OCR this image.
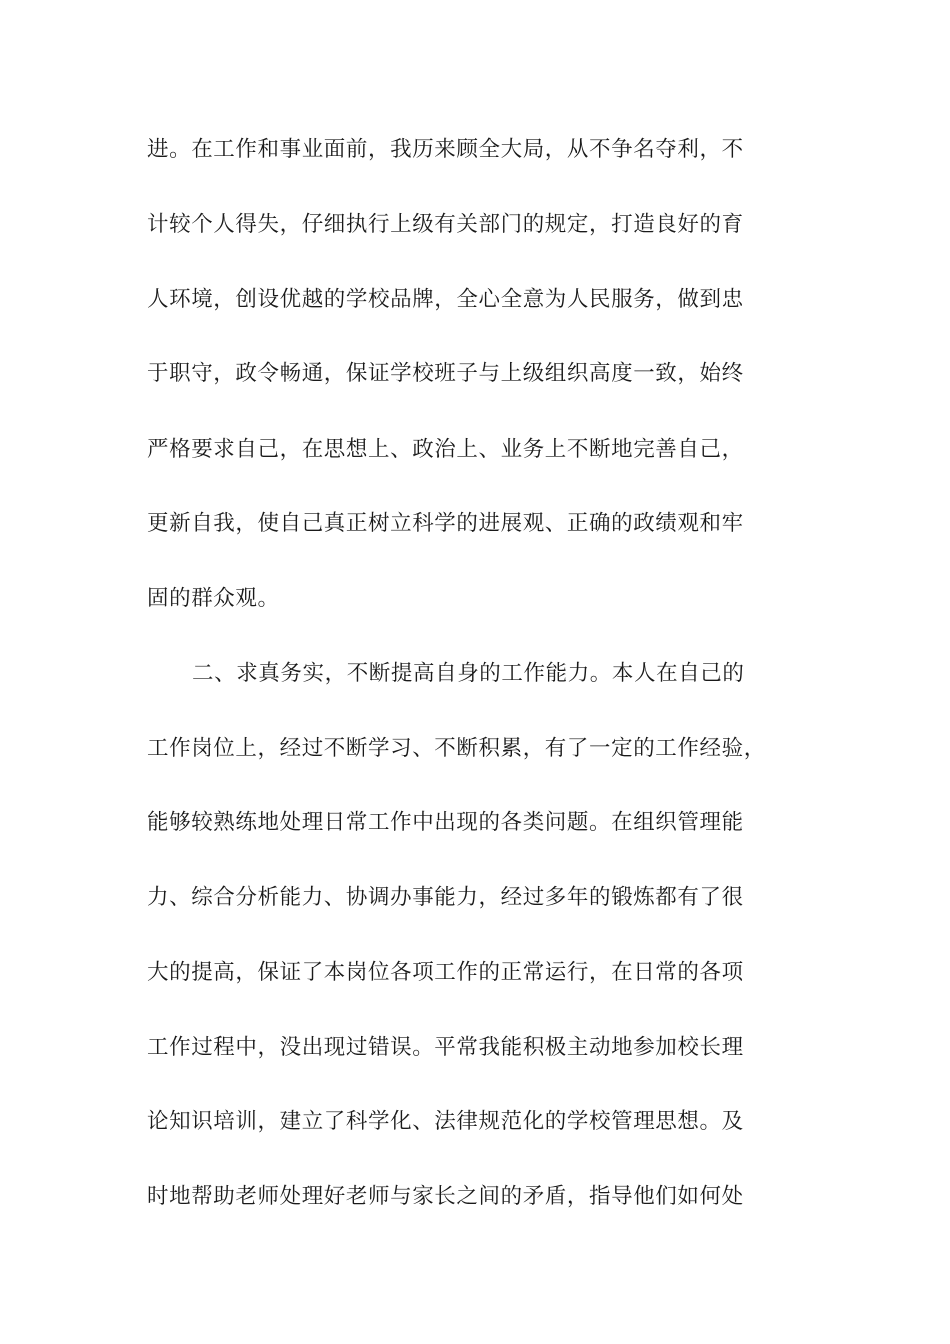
进。在工作和事业面前，我历来顾全大局，从不争名夺利，不
计较个人得失，仔细执行上级有关部门的规定，打造良好的育
人环境，创设优越的学校品牌，全心全意为人民服务，做到忠
于职守，政令畅通，保证学校班子与上级组织高度一致，始终
严格要求自己，在思想上、政治上、业务上不断地完善自己，
更新自我，使自己真正树立科学的进展观、正确的政绩观和牢
固的群众观。
二、求真务实，不断提高自身的工作能力。本人在自己的
工作岗位上，经过不断学习、不断积累，有了一定的工作经验，
能够较熟练地处理日常工作中出现的各类问题。在组织管理能
力、综合分析能力、协调办事能力，经过多年的锻炼都有了很
大的提高，保证了本岗位各项工作的正常运行，在日常的各项
工作过程中，没出现过错误。平常我能积极主动地参加校长理
论知识培训，建立了科学化、法律规范化的学校管理思想。及
时地帮助老师处理好老师与家长之间的矛盾，指导他们如何处
